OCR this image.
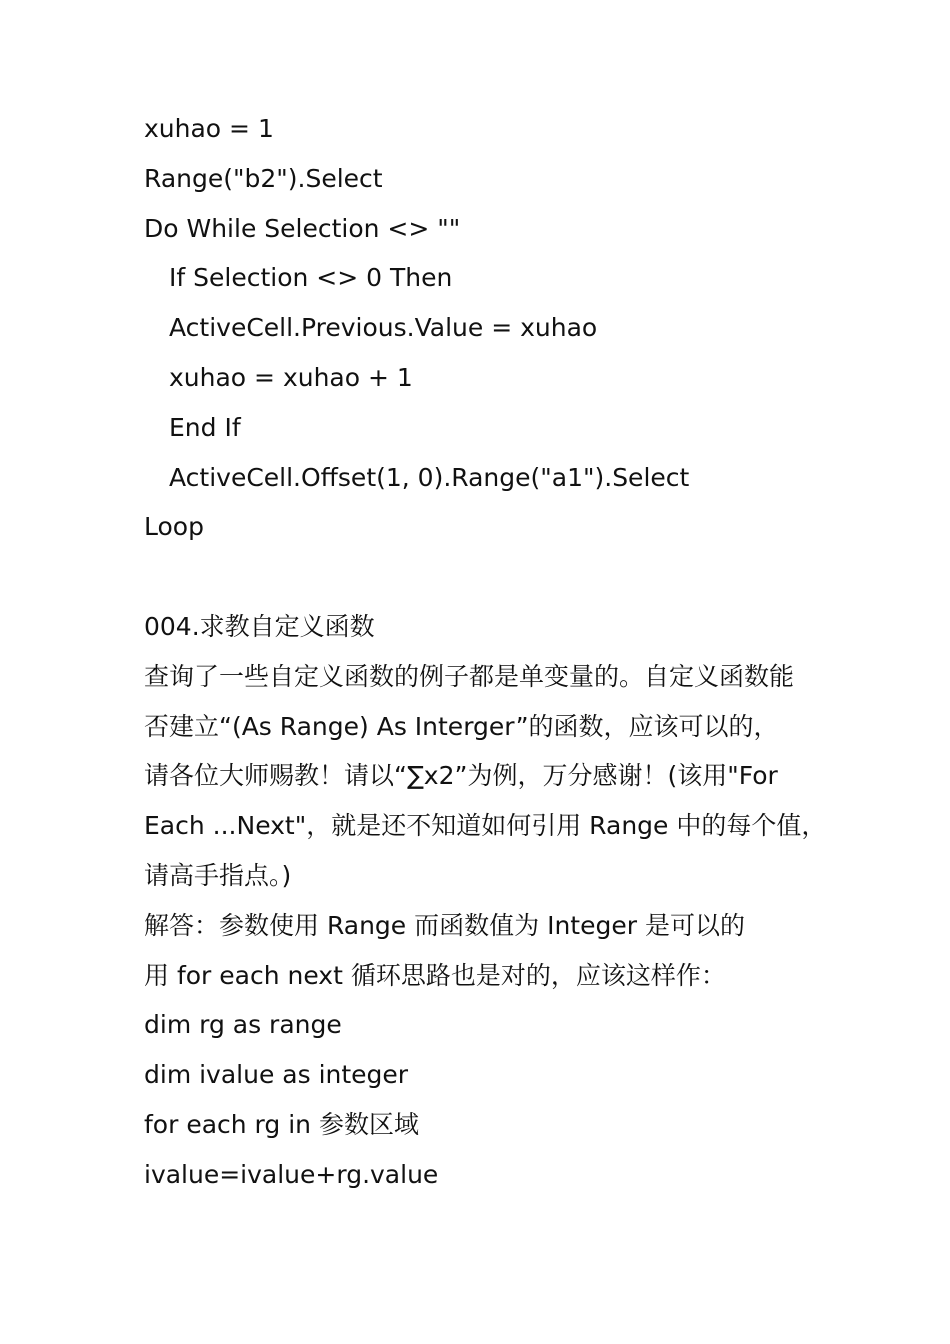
xuhao = 1
Range("b2").Select
Do While Selection <> ""
If Selection <> 0 Then
ActiveCell.Previous.Value = xuhao
xuhao = xuhao + 1
End If
ActiveCell.Offset(1, 0).Range("a1").Select
Loop
004.求教自定义函数
查询了一些自定义函数的例子都是单变量的。自定义函数能
否建立“(As Range) As Interger”的函数，应该可以的，
请各位大师赐教！请以“∑x2”为例，万分感谢！(该用"For
Each ...Next"，就是还不知道如何引用 Range 中的每个值，
请高手指点。)
解答：参数使用 Range 而函数值为 Integer 是可以的
用 for each next 循环思路也是对的，应该这样作：
dim rg as range
dim ivalue as integer
for each rg in 参数区域
ivalue=ivalue+rg.value
